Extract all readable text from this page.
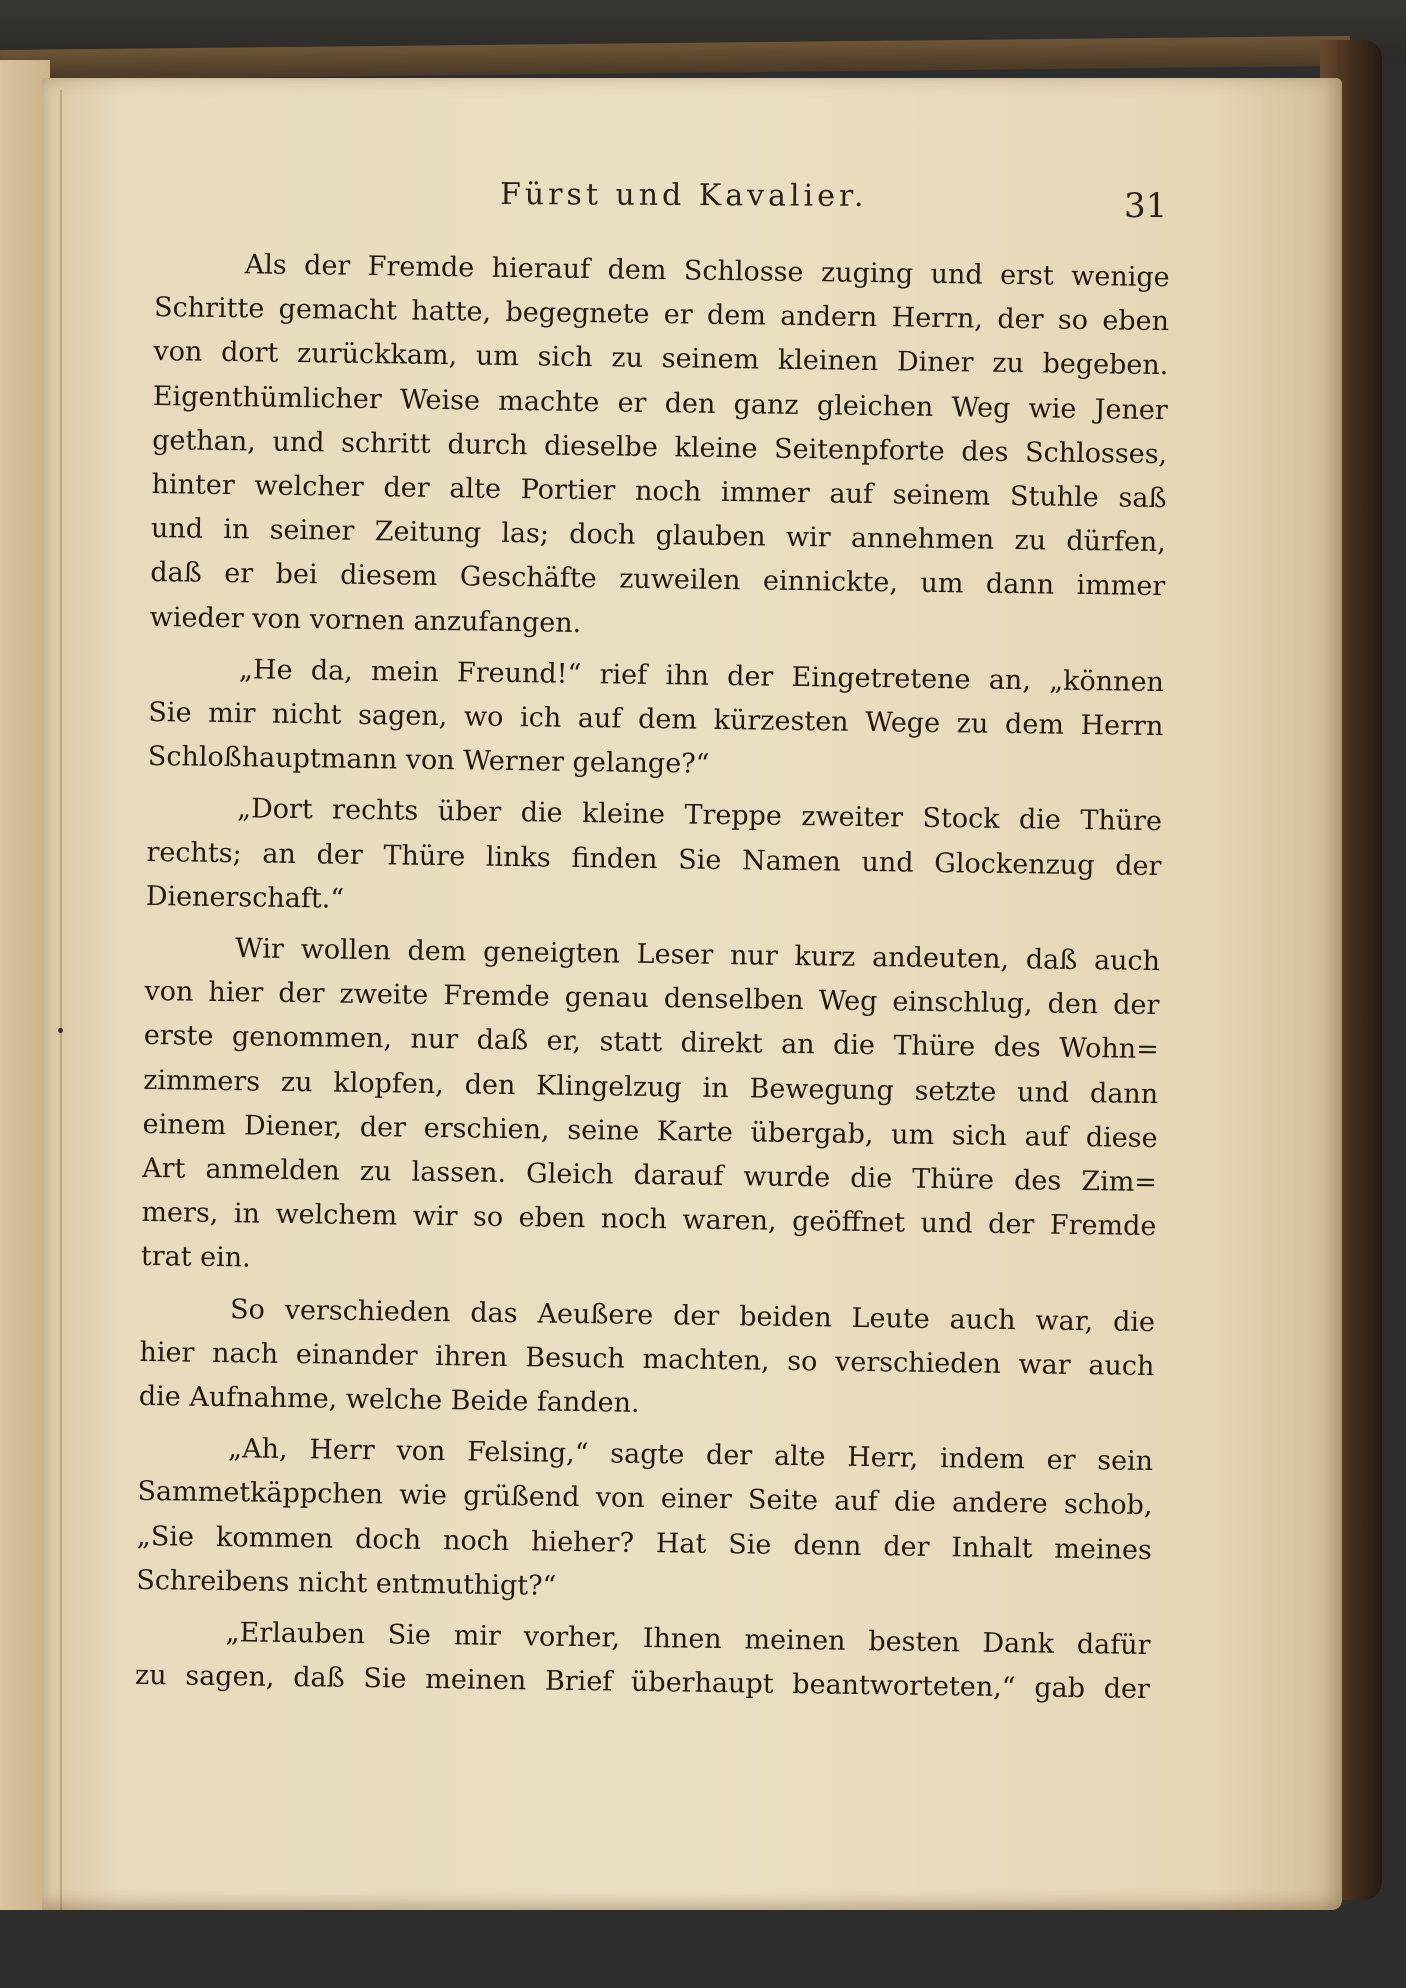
Fürst und Kavalier.	31
Als der Fremde hierauf dem Schlosse zuging und erst wenige
Schritte gemacht hatte, begegnete er dem andern Herrn, der so eben
von dort zurückkam, um sich zu seinem kleinen Diner zu begeben.
Eigenthümlicher Weise machte er den ganz gleichen Weg wie Jener
gethan, und schritt durch dieselbe kleine Seitenpforte des Schlosses,
hinter welcher der alte Portier noch immer auf seinem Stuhle saß
und in seiner Zeitung las; doch glauben wir annehmen zu dürfen,
daß er bei diesem Geschäfte zuweilen einnickte, um dann immer
wieder von vornen anzufangen.
„He da, mein Freund!“ rief ihn der Eingetretene an, „können
Sie mir nicht sagen, wo ich auf dem kürzesten Wege zu dem Herrn
Schloßhauptmann von Werner gelange?“
„Dort rechts über die kleine Treppe zweiter Stock die Thüre
rechts; an der Thüre links finden Sie Namen und Glockenzug der
Dienerschaft.“
Wir wollen dem geneigten Leser nur kurz andeuten, daß auch
von hier der zweite Fremde genau denselben Weg einschlug, den der
erste genommen, nur daß er, statt direkt an die Thüre des Wohn=
zimmers zu klopfen, den Klingelzug in Bewegung setzte und dann
einem Diener, der erschien, seine Karte übergab, um sich auf diese
Art anmelden zu lassen. Gleich darauf wurde die Thüre des Zim=
mers, in welchem wir so eben noch waren, geöffnet und der Fremde
trat ein.
So verschieden das Aeußere der beiden Leute auch war, die
hier nach einander ihren Besuch machten, so verschieden war auch
die Aufnahme, welche Beide fanden.
„Ah, Herr von Felsing,“ sagte der alte Herr, indem er sein
Sammetkäppchen wie grüßend von einer Seite auf die andere schob,
„Sie kommen doch noch hieher? Hat Sie denn der Inhalt meines
Schreibens nicht entmuthigt?“
„Erlauben Sie mir vorher, Ihnen meinen besten Dank dafür
zu sagen, daß Sie meinen Brief überhaupt beantworteten,“ gab der
